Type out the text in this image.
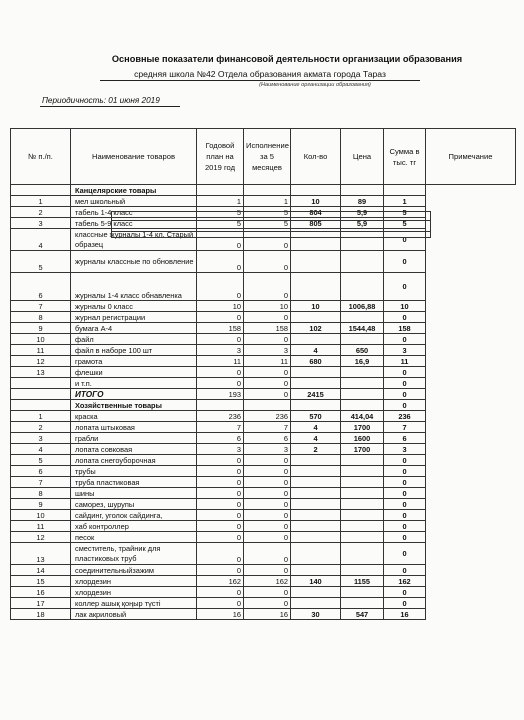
Основные показатели финансовой деятельности организации образования
средняя школа №42 Отдела образования акмата города Тараз
(Наименование организации образования)
Периодичность: 01 июня 2019
№ п./п.	Наименование товаров	Годовой план на 2019 год	Исполнение за 5 месяцев	Кол-во	Цена	Сумма в тыс. тг	Примечание
	Канцелярские товары						

1	мел школьный	1	1	10	89	1	

2	табель 1-4 класс	5	5	804	5,9	5	

3	табель 5-9 класс	5	5	805	5,9	5	

4	классные журналы 1-4 кл. Старый образец	0	0			0	

5	журналы классные по обновление	0	0			0	

6	журналы 1-4 класс обнавленка	0	0			0	

7	журналы 0 класс	10	10	10	1006,88	10	

8	журнал регистрации	0	0			0	

9	бумага А-4	158	158	102	1544,48	158	

10	файл	0	0			0	

11	файл в наборе 100 шт	3	3	4	650	3	

12	грамота	11	11	680	16,9	11	

13	флешки	0	0			0	

	и т.п.	0	0			0	

	ИТОГО	193	0	2415		0	

	Хозяйственные товары					0	

1	краска	236	236	570	414,04	236	

2	лопата штыковая	7	7	4	1700	7	

3	грабли	6	6	4	1600	6	

4	лопата совковая	3	3	2	1700	3	

5	лопата снегоуборочная	0	0			0	

6	трубы	0	0			0	

7	труба пластиковая	0	0			0	

8	шины	0	0			0	

9	саморез, шурупы	0	0			0	

10	сайдинг, уголок сайдинга,	0	0			0	

11	хаб контроллер	0	0			0	

12	песок	0	0			0	

13	сместитель, трайник для пластиковых труб	0	0			0	

14	соединительныйзажим	0	0			0	

15	хлордезин	162	162	140	1155	162	

16	хлордезин	0	0			0	

17	коллер ашық қоңыр түсті	0	0			0	

18	лак акриловый	16	16	30	547	16	
